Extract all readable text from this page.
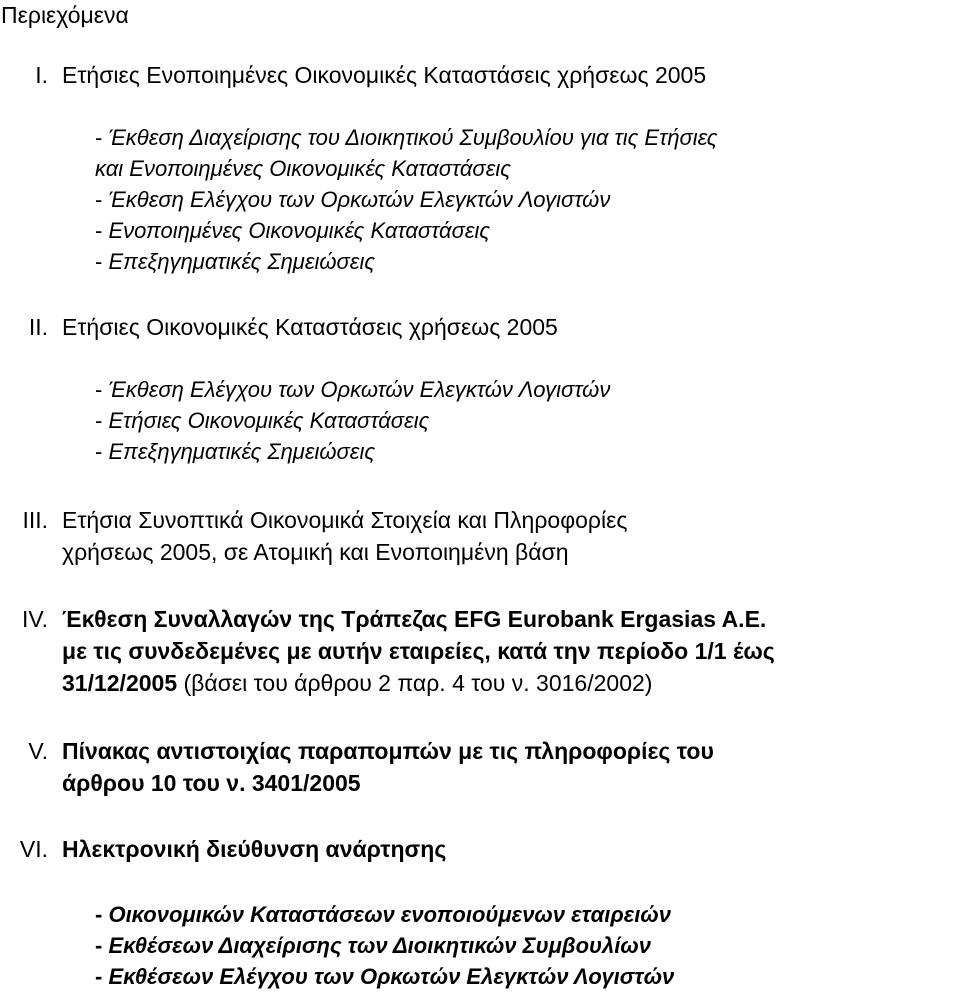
Περιεχόμενα
I. Ετήσιες Ενοποιημένες Οικονομικές Καταστάσεις χρήσεως 2005
- Έκθεση Διαχείρισης του Διοικητικού Συμβουλίου για τις Ετήσιες
και Ενοποιημένες Οικονομικές Καταστάσεις
- Έκθεση Ελέγχου των Ορκωτών Ελεγκτών Λογιστών
- Ενοποιημένες Οικονομικές Καταστάσεις
- Επεξηγηματικές Σημειώσεις
II. Ετήσιες Οικονομικές Καταστάσεις χρήσεως 2005
- Έκθεση Ελέγχου των Ορκωτών Ελεγκτών Λογιστών
- Ετήσιες Οικονομικές Καταστάσεις
- Επεξηγηματικές Σημειώσεις
III. Ετήσια Συνοπτικά Οικονομικά Στοιχεία και Πληροφορίες
χρήσεως 2005, σε Ατομική και Ενοποιημένη βάση
IV. Έκθεση Συναλλαγών της Τράπεζας EFG Eurobank Ergasias A.E.
με τις συνδεδεμένες με αυτήν εταιρείες, κατά την περίοδο 1/1 έως
31/12/2005 (βάσει του άρθρου 2 παρ. 4 του ν. 3016/2002)
V. Πίνακας αντιστοιχίας παραπομπών με τις πληροφορίες του
άρθρου 10 του ν. 3401/2005
VI. Ηλεκτρονική διεύθυνση ανάρτησης
- Οικονομικών Καταστάσεων ενοποιούμενων εταιρειών
- Εκθέσεων Διαχείρισης των Διοικητικών Συμβουλίων
- Εκθέσεων Ελέγχου των Ορκωτών Ελεγκτών Λογιστών
